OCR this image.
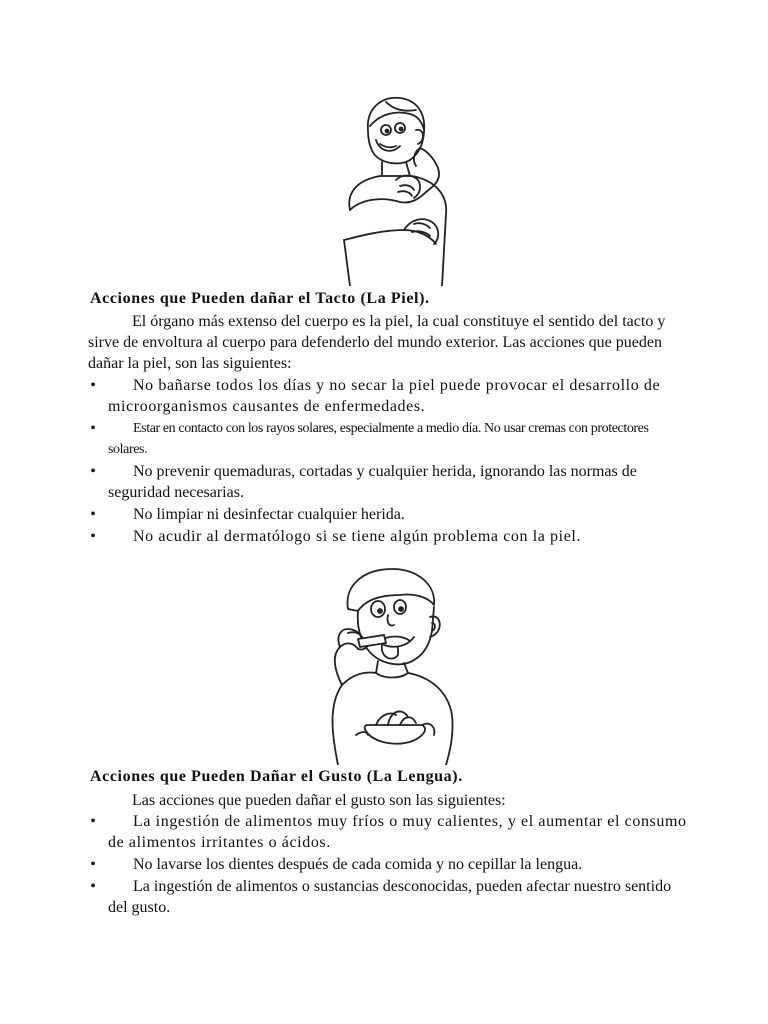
Acciones que Pueden dañar el Tacto (La Piel).

El órgano más extenso del cuerpo es la piel, la cual constituye el sentido del tacto y sirve de envoltura al cuerpo para defenderlo del mundo exterior. Las acciones que pueden dañar la piel, son las siguientes:

•	No bañarse todos los días y no secar la piel puede provocar el desarrollo de microorganismos causantes de enfermedades.
•	Estar en contacto con los rayos solares, especialmente a medio día. No usar cremas con protectores solares.
•	No prevenir quemaduras, cortadas y cualquier herida, ignorando las normas de seguridad necesarias.
•	No limpiar ni desinfectar cualquier herida.
•	No acudir al dermatólogo si se tiene algún problema con la piel.
Acciones que Pueden Dañar el Gusto (La Lengua).

Las acciones que pueden dañar el gusto son las siguientes:

•	La ingestión de alimentos muy fríos o muy calientes, y el aumentar el consumo de alimentos irritantes o ácidos.
•	No lavarse los dientes después de cada comida y no cepillar la lengua.
•	La ingestión de alimentos o sustancias desconocidas, pueden afectar nuestro sentido del gusto.
